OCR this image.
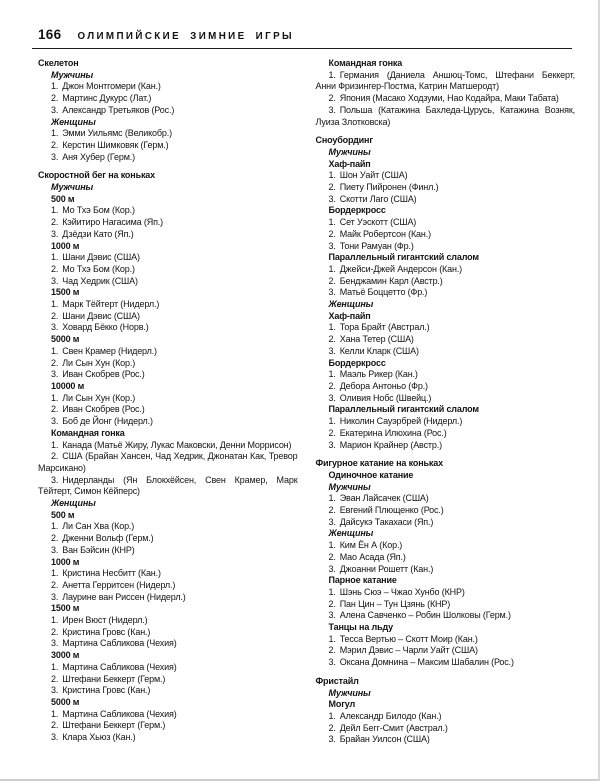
166 ОЛИМПИЙСКИЕ ЗИМНИЕ ИГРЫ
Скелетон
Мужчины
1. Джон Монтгомери (Кан.)
2. Мартинс Дукурс (Лат.)
3. Александр Третьяков (Рос.)
Женщины
1. Эмми Уильямс (Великобр.)
2. Керстин Шимковяк (Герм.)
3. Аня Хубер (Герм.)
Скоростной бег на коньках
Мужчины
500 м
1. Мо Тхэ Бом (Кор.)
2. Кэйитиро Нагасима (Яп.)
3. Дзёдзи Като (Яп.)
1000 м
1. Шани Дэвис (США)
2. Мо Тхэ Бом (Кор.)
3. Чад Хедрик (США)
1500 м
1. Марк Тёйтерт (Нидерл.)
2. Шани Дэвис (США)
3. Ховард Бёкко (Норв.)
5000 м
1. Свен Крамер (Нидерл.)
2. Ли Сын Хун (Кор.)
3. Иван Скобрев (Рос.)
10000 м
1. Ли Сын Хун (Кор.)
2. Иван Скобрев (Рос.)
3. Боб де Йонг (Нидерл.)
Командная гонка
1. Канада (Матьё Жиру, Лукас Маковски, Денни Моррисон)
2. США (Брайан Хансен, Чад Хедрик, Джонатан Как, Тревор Марсикано)
3. Нидерланды (Ян Блокхёйсен, Свен Крамер, Марк Тёйтерт, Симон Кёйперс)
Женщины
500 м
1. Ли Сан Хва (Кор.)
2. Дженни Вольф (Герм.)
3. Ван Бэйсин (КНР)
1000 м
1. Кристина Несбитт (Кан.)
2. Анетта Герритсен (Нидерл.)
3. Лаурине ван Риссен (Нидерл.)
1500 м
1. Ирен Вюст (Нидерл.)
2. Кристина Гровс (Кан.)
3. Мартина Сабликова (Чехия)
3000 м
1. Мартина Сабликова (Чехия)
2. Штефани Беккерт (Герм.)
3. Кристина Гровс (Кан.)
5000 м
1. Мартина Сабликова (Чехия)
2. Штефани Беккерт (Герм.)
3. Клара Хьюз (Кан.)
Командная гонка
1. Германия (Даниела Аншюц-Томс, Штефани Беккерт, Анни Фризингер-Постма, Катрин Матшеродт)
2. Япония (Масако Ходзуми, Нао Кодайра, Маки Табата)
3. Польша (Катажина Бахледа-Цурусь, Катажина Возняк, Луиза Злотковска)
Сноубординг
Мужчины
Хаф-пайп
1. Шон Уайт (США)
2. Пиету Пийронен (Финл.)
3. Скотти Лаго (США)
Бордеркросс
1. Сет Уэскотт (США)
2. Майк Робертсон (Кан.)
3. Тони Рамуан (Фр.)
Параллельный гигантский слалом
1. Джейси-Джей Андерсон (Кан.)
2. Бенджамин Карл (Австр.)
3. Матьё Боццетто (Фр.)
Женщины
Хаф-пайп
1. Тора Брайт (Австрал.)
2. Хана Тетер (США)
3. Келли Кларк (США)
Бордеркросс
1. Маэль Рикер (Кан.)
2. Дебора Антоньо (Фр.)
3. Оливия Нобс (Швейц.)
Параллельный гигантский слалом
1. Николин Сауэрбрей (Нидерл.)
2. Екатерина Илюхина (Рос.)
3. Марион Крайнер (Австр.)
Фигурное катание на коньках
Одиночное катание
Мужчины
1. Эван Лайсачек (США)
2. Евгений Плющенко (Рос.)
3. Дайсукэ Такахаси (Яп.)
Женщины
1. Ким Ён А (Кор.)
2. Мао Асада (Яп.)
3. Джоанни Рошетт (Кан.)
Парное катание
1. Шэнь Сюэ – Чжао Хунбо (КНР)
2. Пан Цин – Тун Цзянь (КНР)
3. Алена Савченко – Робин Шолковы (Герм.)
Танцы на льду
1. Тесса Вертью – Скотт Моир (Кан.)
2. Мэрил Дэвис – Чарли Уайт (США)
3. Оксана Домнина – Максим Шабалин (Рос.)
Фристайл
Мужчины
Могул
1. Александр Билодо (Кан.)
2. Дейл Бегг-Смит (Австрал.)
3. Брайан Уилсон (США)
